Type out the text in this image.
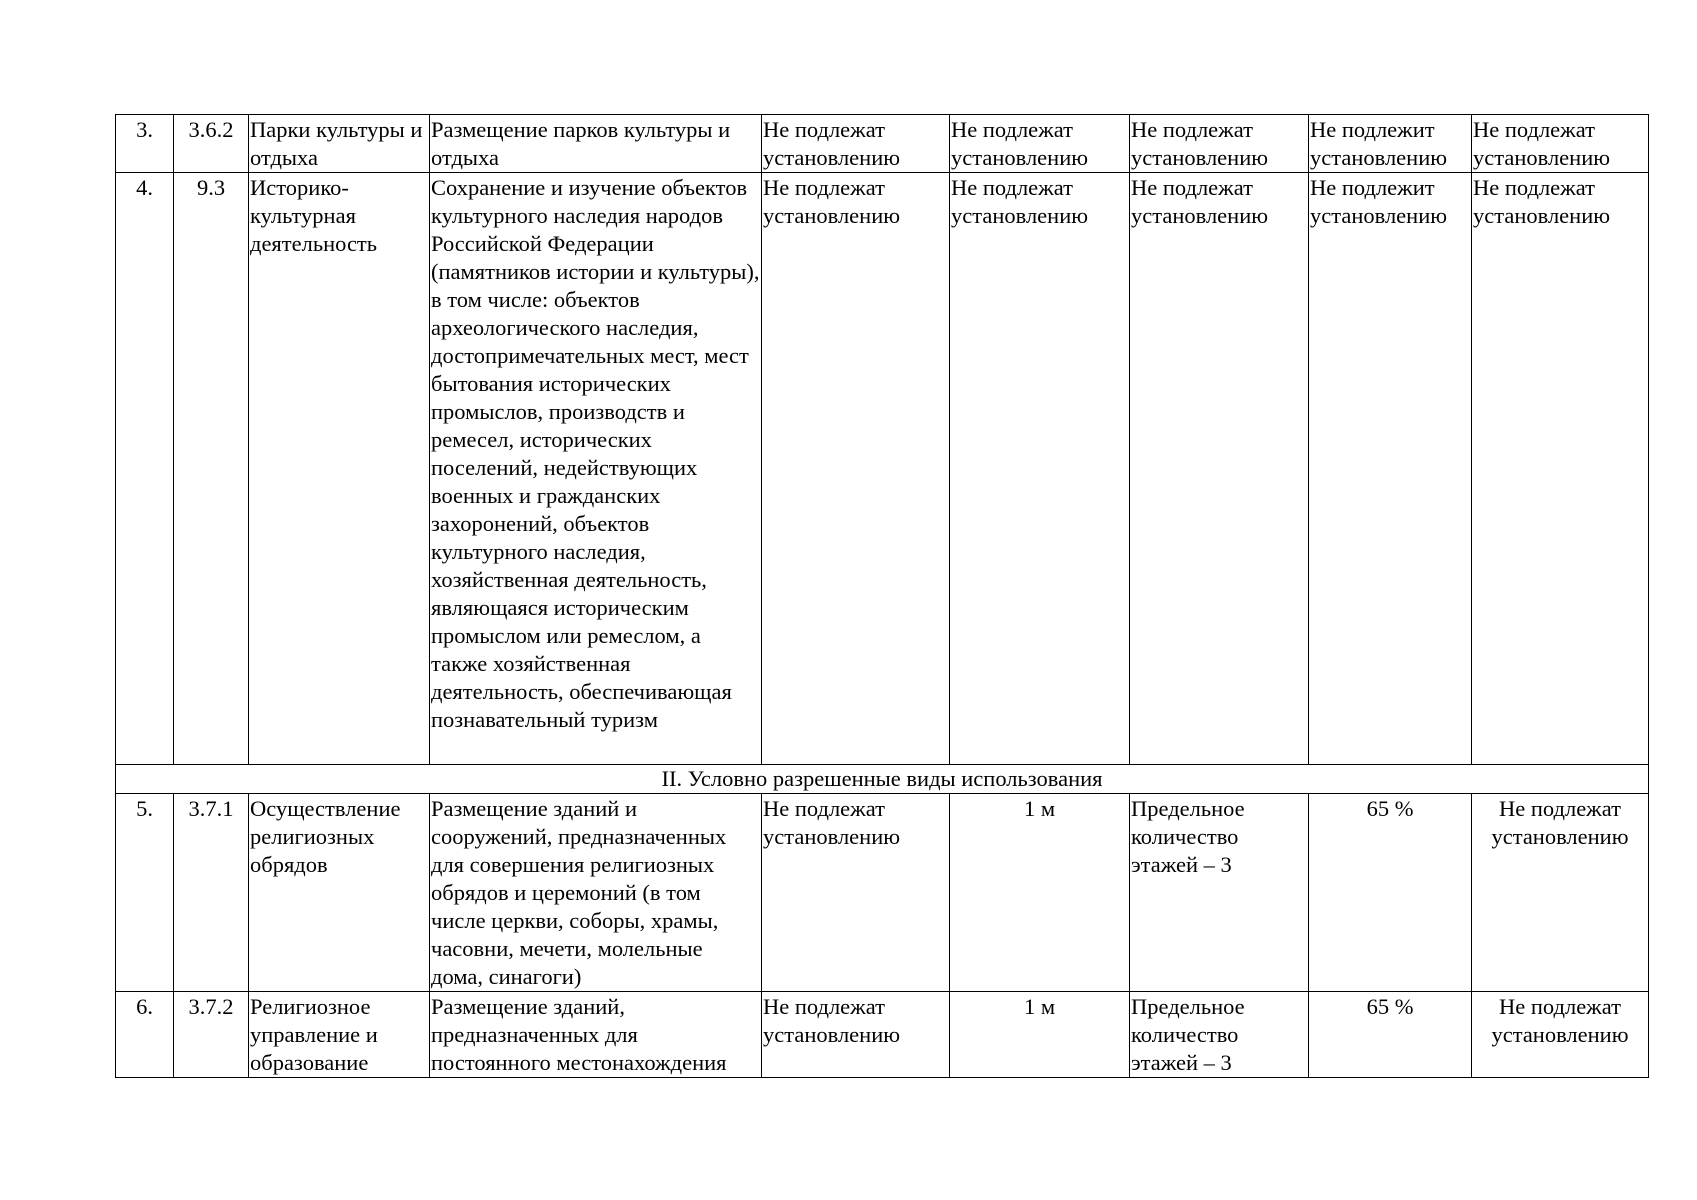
3.	3.6.2	Парки культуры и отдыха	Размещение парков культуры и отдыха	Не подлежат установлению	Не подлежат установлению	Не подлежат установлению	Не подлежит установлению	Не подлежат установлению
4.	9.3	Историко-культурная деятельность	Сохранение и изучение объектов культурного наследия народов Российской Федерации (памятников истории и культуры), в том числе: объектов археологического наследия, достопримечательных мест, мест бытования исторических промыслов, производств и ремесел, исторических поселений, недействующих военных и гражданских захоронений, объектов культурного наследия, хозяйственная деятельность, являющаяся историческим промыслом или ремеслом, а также хозяйственная деятельность, обеспечивающая познавательный туризм	Не подлежат установлению	Не подлежат установлению	Не подлежат установлению	Не подлежит установлению	Не подлежат установлению
II. Условно разрешенные виды использования								
5.	3.7.1	Осуществление религиозных обрядов	Размещение зданий и сооружений, предназначенных для совершения религиозных обрядов и церемоний (в том числе церкви, соборы, храмы, часовни, мечети, молельные дома, синагоги)	Не подлежат установлению	1 м	Предельное количество этажей – 3	65 %	Не подлежат установлению
6.	3.7.2	Религиозное управление и образование	Размещение зданий, предназначенных для постоянного местонахождения	Не подлежат установлению	1 м	Предельное количество этажей – 3	65 %	Не подлежат установлению
